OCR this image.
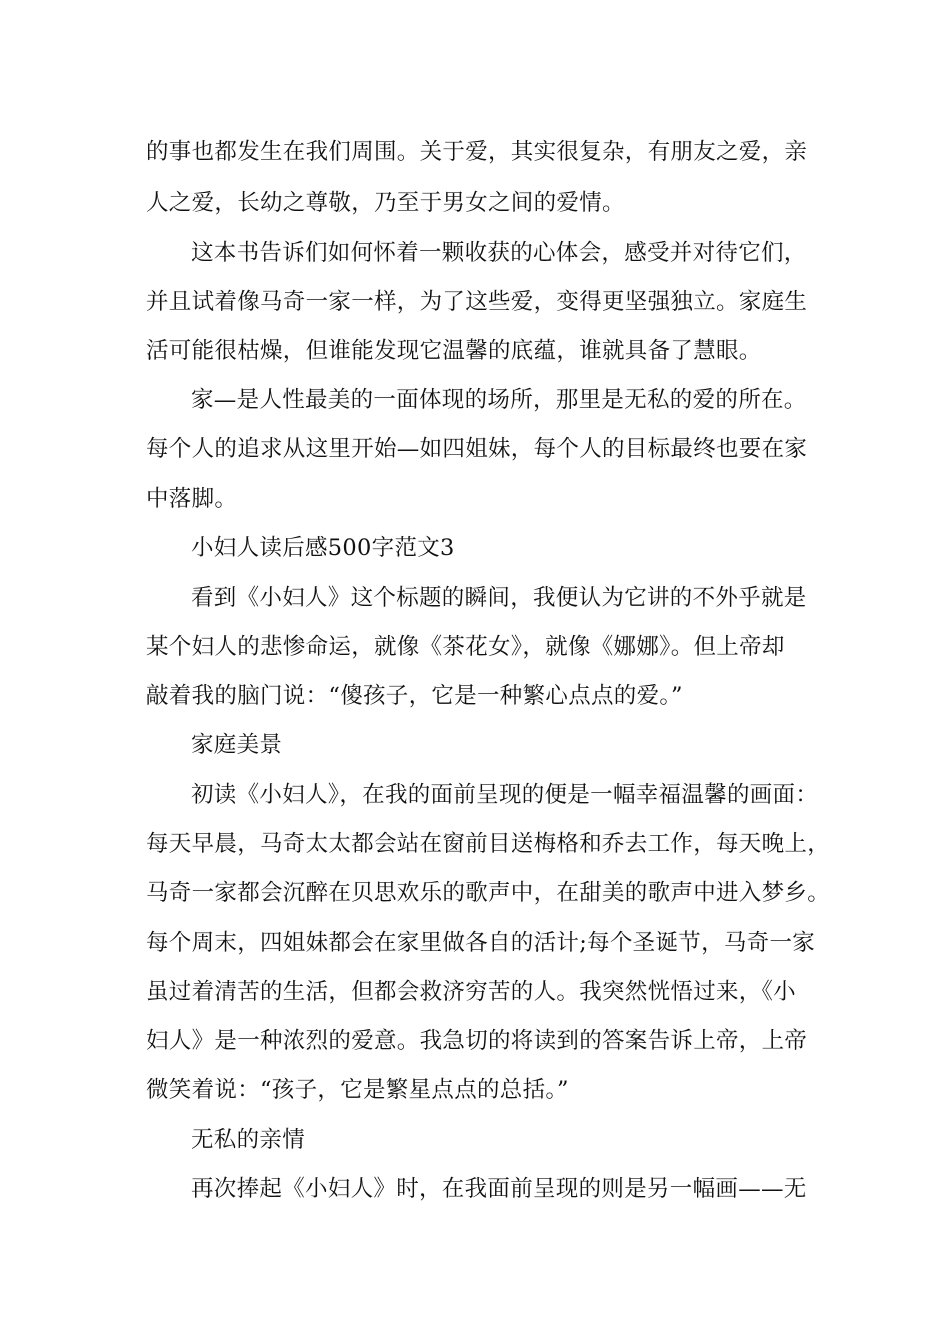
的事也都发生在我们周围。关于爱，其实很复杂，有朋友之爱，亲
人之爱，长幼之尊敬，乃至于男女之间的爱情。
这本书告诉们如何怀着一颗收获的心体会，感受并对待它们，
并且试着像马奇一家一样，为了这些爱，变得更坚强独立。家庭生
活可能很枯燥，但谁能发现它温馨的底蕴，谁就具备了慧眼。
家—是人性最美的一面体现的场所，那里是无私的爱的所在。
每个人的追求从这里开始—如四姐妹，每个人的目标最终也要在家
中落脚。
小妇人读后感500字范文3
看到《小妇人》这个标题的瞬间，我便认为它讲的不外乎就是
某个妇人的悲惨命运，就像《茶花女》，就像《娜娜》。但上帝却
敲着我的脑门说：“傻孩子，它是一种繁心点点的爱。”
家庭美景
初读《小妇人》，在我的面前呈现的便是一幅幸福温馨的画面：
每天早晨，马奇太太都会站在窗前目送梅格和乔去工作，每天晚上，
马奇一家都会沉醉在贝思欢乐的歌声中，在甜美的歌声中进入梦乡。
每个周末，四姐妹都会在家里做各自的活计;每个圣诞节，马奇一家
虽过着清苦的生活，但都会救济穷苦的人。我突然恍悟过来，《小
妇人》是一种浓烈的爱意。我急切的将读到的答案告诉上帝，上帝
微笑着说：“孩子，它是繁星点点的总括。”
无私的亲情
再次捧起《小妇人》时，在我面前呈现的则是另一幅画——无
